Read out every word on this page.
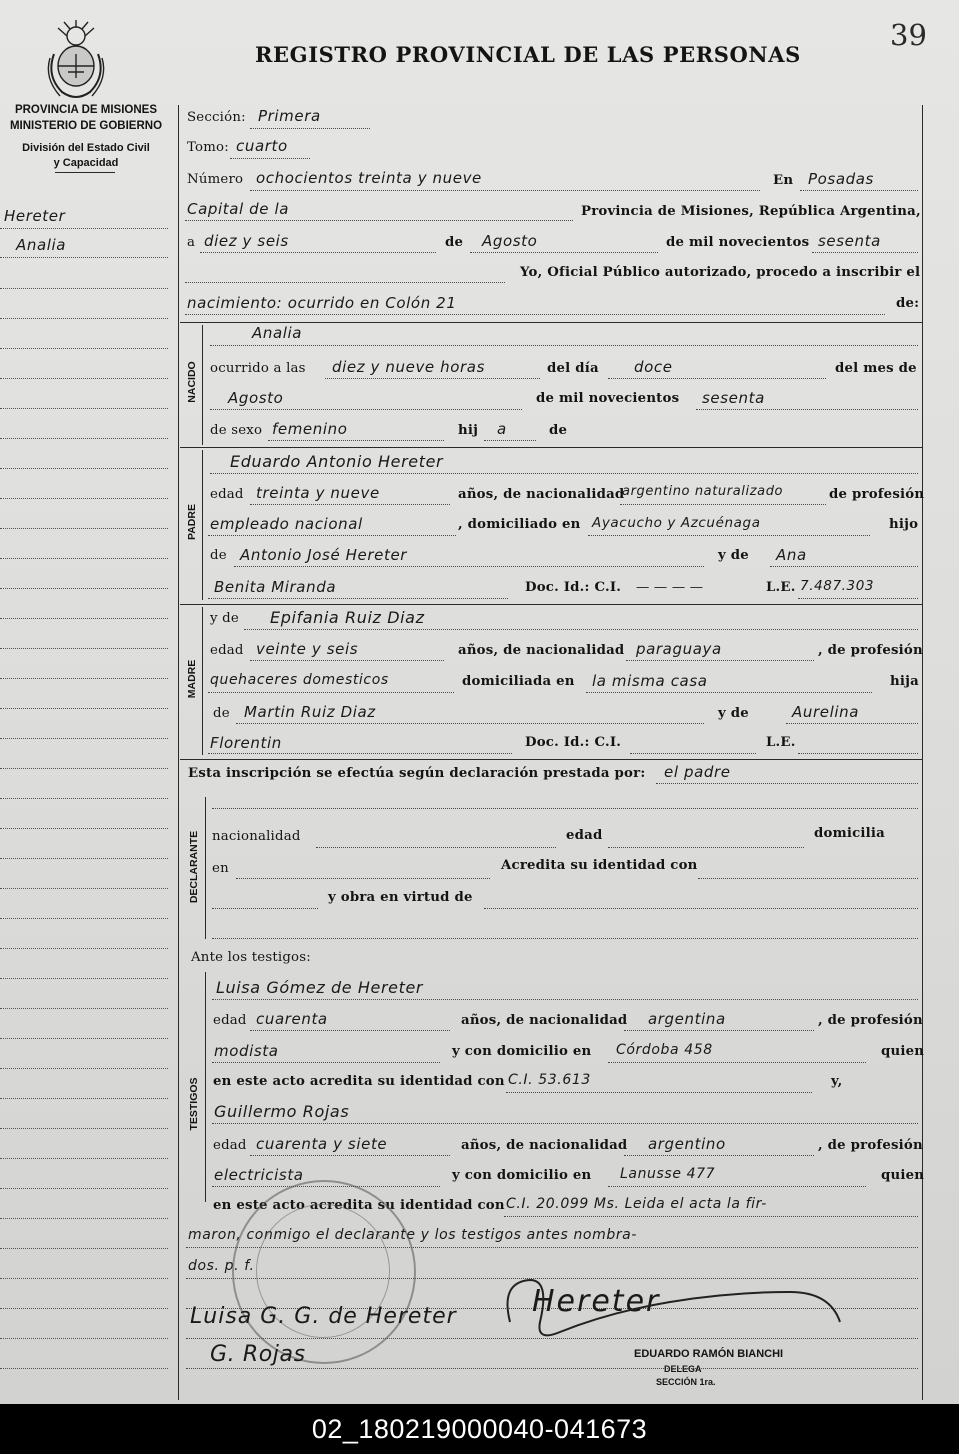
REGISTRO PROVINCIAL DE LAS PERSONAS
39
PROVINCIA DE MISIONES
MINISTERIO DE GOBIERNO
División del Estado Civil
y Capacidad
Hereter
Analia
Sección: Primera
Tomo: cuarto
Número ochocientos treinta y nueve	En Posadas
Capital de la	Provincia de Misiones, República Argentina,
a diez y seis	de Agosto	de mil novecientos sesenta
Yo, Oficial Público autorizado, procedo a inscribir el
nacimiento: ocurrido en Colón 21	de:
NACIDO
Analia
ocurrido a las diez y nueve horas	del día doce	del mes de
Agosto	de mil novecientos sesenta
de sexo femenino	hij a	de
PADRE
Eduardo Antonio Hereter
edad treinta y nueve	años, de nacionalidad
argentino naturalizado	de profesión
empleado nacional	, domiciliado en Ayacucho y Azcuénaga	hijo
de Antonio José Hereter	y de Ana
Benita Miranda	Doc. Id.: C.I. — — — —	L.E. 7.487.303
MADRE
y de Epifania Ruiz Diaz
edad veinte y seis	años, de nacionalidad paraguaya	, de profesión
quehaceres domesticos	domiciliada en la misma casa	hija
de Martin Ruiz Diaz	y de	Aurelina
Florentin	Doc. Id.: C.I.	L.E.
Esta inscripción se efectúa según declaración prestada por: el padre
DECLARANTE nacionalidad	edad	domicilia
en	Acredita su identidad con
y obra en virtud de
Ante los testigos:
TESTIGOS
Luisa Gómez de Hereter
edad cuarenta	años, de nacionalidad argentina	, de profesión
modista	y con domicilio en Córdoba 458	quien
en este acto acredita su identidad con C.I. 53.613	y,
Guillermo Rojas
edad cuarenta y siete	años, de nacionalidad argentino	, de profesión
electricista	y con domicilio en Lanusse 477	quien
en este acto acredita su identidad con C.I. 20.099 Ms. Leida el acta la fir-
maron, conmigo el declarante y los testigos antes nombra-
dos. p. f.
Luisa G. G. de Hereter
G. Rojas
Hereter
EDUARDO RAMÓN BIANCHI
DELEGA
SECCIÓN 1ra.
02_180219000040-041673
